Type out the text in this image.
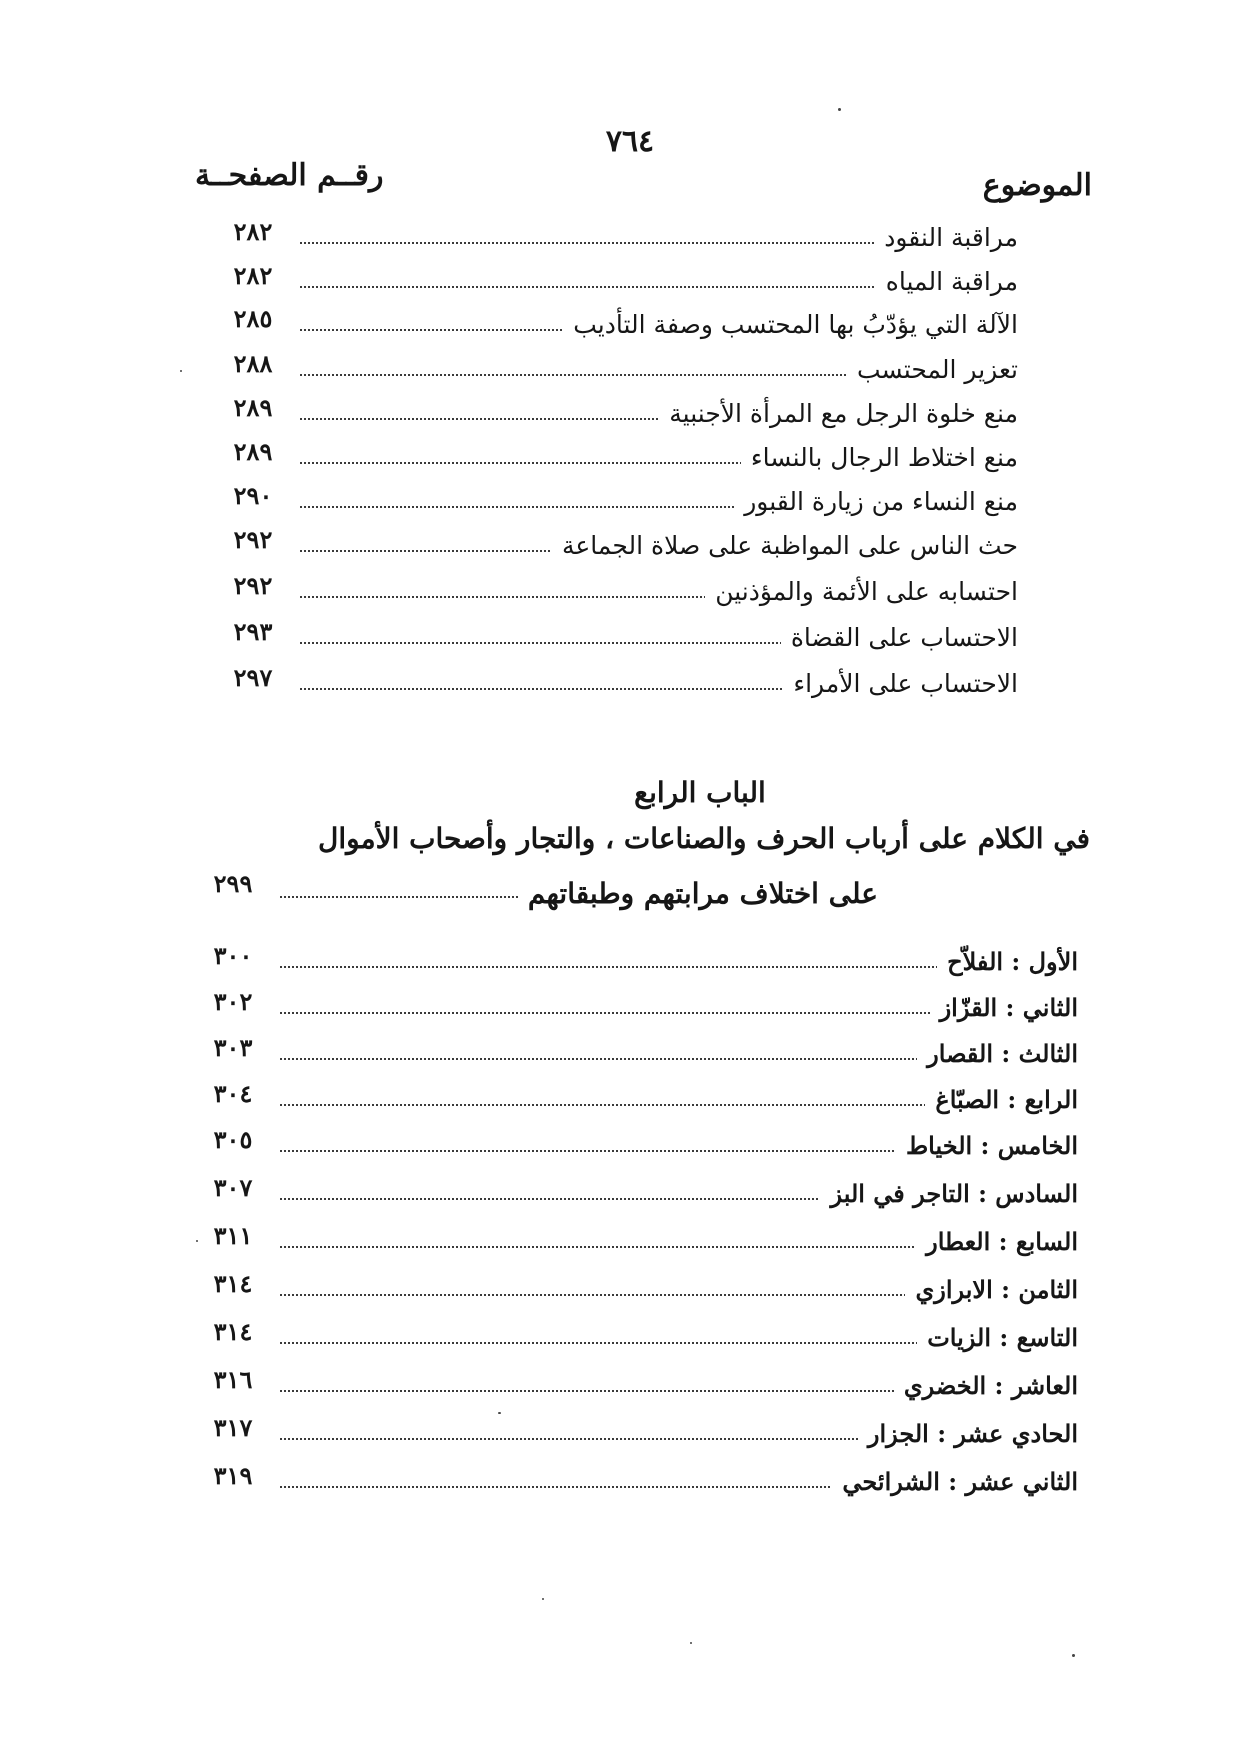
٧٦٤
الموضوع
رقــم الصفحــة
مراقبة النقود
٢٨٢
مراقبة المياه
٢٨٢
الآلة التي يؤدّبُ بها المحتسب وصفة التأديب
٢٨٥
تعزير المحتسب
٢٨٨
منع خلوة الرجل مع المرأة الأجنبية
٢٨٩
منع اختلاط الرجال بالنساء
٢٨٩
منع النساء من زيارة القبور
٢٩٠
حث الناس على المواظبة على صلاة الجماعة
٢٩٢
احتسابه على الأئمة والمؤذنين
٢٩٢
الاحتساب على القضاة
٢٩٣
الاحتساب على الأمراء
٢٩٧
الباب الرابع
في الكلام على أرباب الحرف والصناعات ، والتجار وأصحاب الأموال
على اختلاف مرابتهم وطبقاتهم
٢٩٩
الأول : الفلاّح
٣٠٠
الثاني : القزّاز
٣٠٢
الثالث : القصار
٣٠٣
الرابع : الصبّاغ
٣٠٤
الخامس : الخياط
٣٠٥
السادس : التاجر في البز
٣٠٧
السابع : العطار
٣١١
الثامن : الابرازي
٣١٤
التاسع : الزيات
٣١٤
العاشر : الخضري
٣١٦
الحادي عشر : الجزار
٣١٧
الثاني عشر : الشرائحي
٣١٩
